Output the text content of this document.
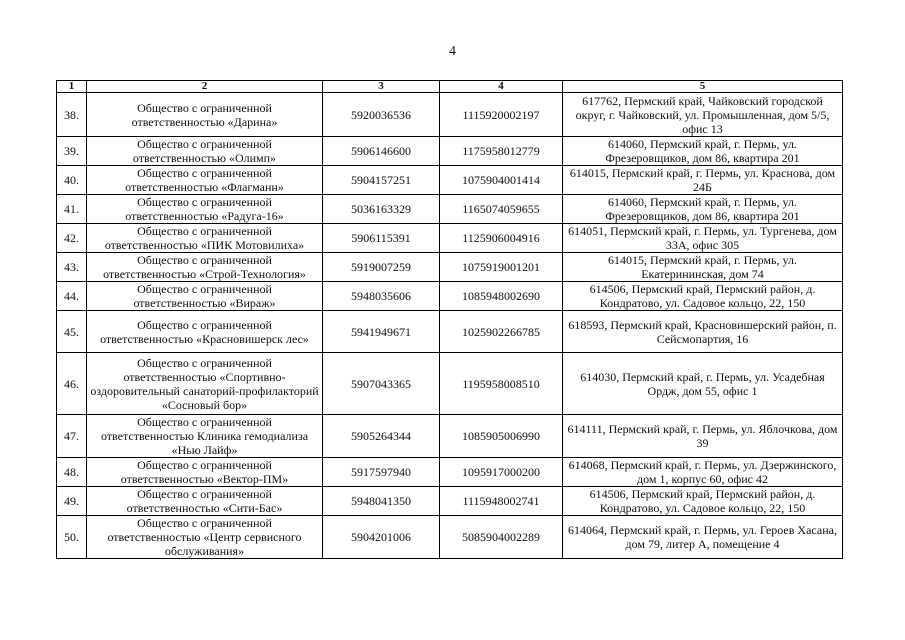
4
1	2	3	4	5
38.	Общество с ограниченной ответственностью «Дарина»	5920036536	1115920002197	617762, Пермский край, Чайковский городской округ, г. Чайковский, ул. Промышленная, дом 5/5, офис 13
39.	Общество с ограниченной ответственностью «Олимп»	5906146600	1175958012779	614060, Пермский край, г. Пермь, ул. Фрезеровщиков, дом 86, квартира 201
40.	Общество с ограниченной ответственностью «Флагманн»	5904157251	1075904001414	614015, Пермский край, г. Пермь, ул. Краснова, дом 24Б
41.	Общество с ограниченной ответственностью «Радуга-16»	5036163329	1165074059655	614060, Пермский край, г. Пермь, ул. Фрезеровщиков, дом 86, квартира 201
42.	Общество с ограниченной ответственностью «ПИК Мотовилиха»	5906115391	1125906004916	614051, Пермский край, г. Пермь, ул. Тургенева, дом 33А, офис 305
43.	Общество с ограниченной ответственностью «Строй-Технология»	5919007259	1075919001201	614015, Пермский край, г. Пермь, ул. Екатерининская, дом 74
44.	Общество с ограниченной ответственностью «Вираж»	5948035606	1085948002690	614506, Пермский край, Пермский район, д. Кондратово, ул. Садовое кольцо, 22, 150
45.	Общество с ограниченной ответственностью «Красновишерск лес»	5941949671	1025902266785	618593, Пермский край, Красновишерский район, п. Сейсмопартия, 16
46.	Общество с ограниченной ответственностью «Спортивно-оздоровительный санаторий-профилакторий «Сосновый бор»	5907043365	1195958008510	614030, Пермский край, г. Пермь, ул. Усадебная Ордж, дом 55, офис 1
47.	Общество с ограниченной ответственностью Клиника гемодиализа «Нью Лайф»	5905264344	1085905006990	614111, Пермский край, г. Пермь, ул. Яблочкова, дом 39
48.	Общество с ограниченной ответственностью «Вектор-ПМ»	5917597940	1095917000200	614068, Пермский край, г. Пермь, ул. Дзержинского, дом 1, корпус 60, офис 42
49.	Общество с ограниченной ответственностью «Сити-Бас»	5948041350	1115948002741	614506, Пермский край, Пермский район, д. Кондратово, ул. Садовое кольцо, 22, 150
50.	Общество с ограниченной ответственностью «Центр сервисного обслуживания»	5904201006	5085904002289	614064, Пермский край, г. Пермь, ул. Героев Хасана, дом 79, литер А, помещение 4
